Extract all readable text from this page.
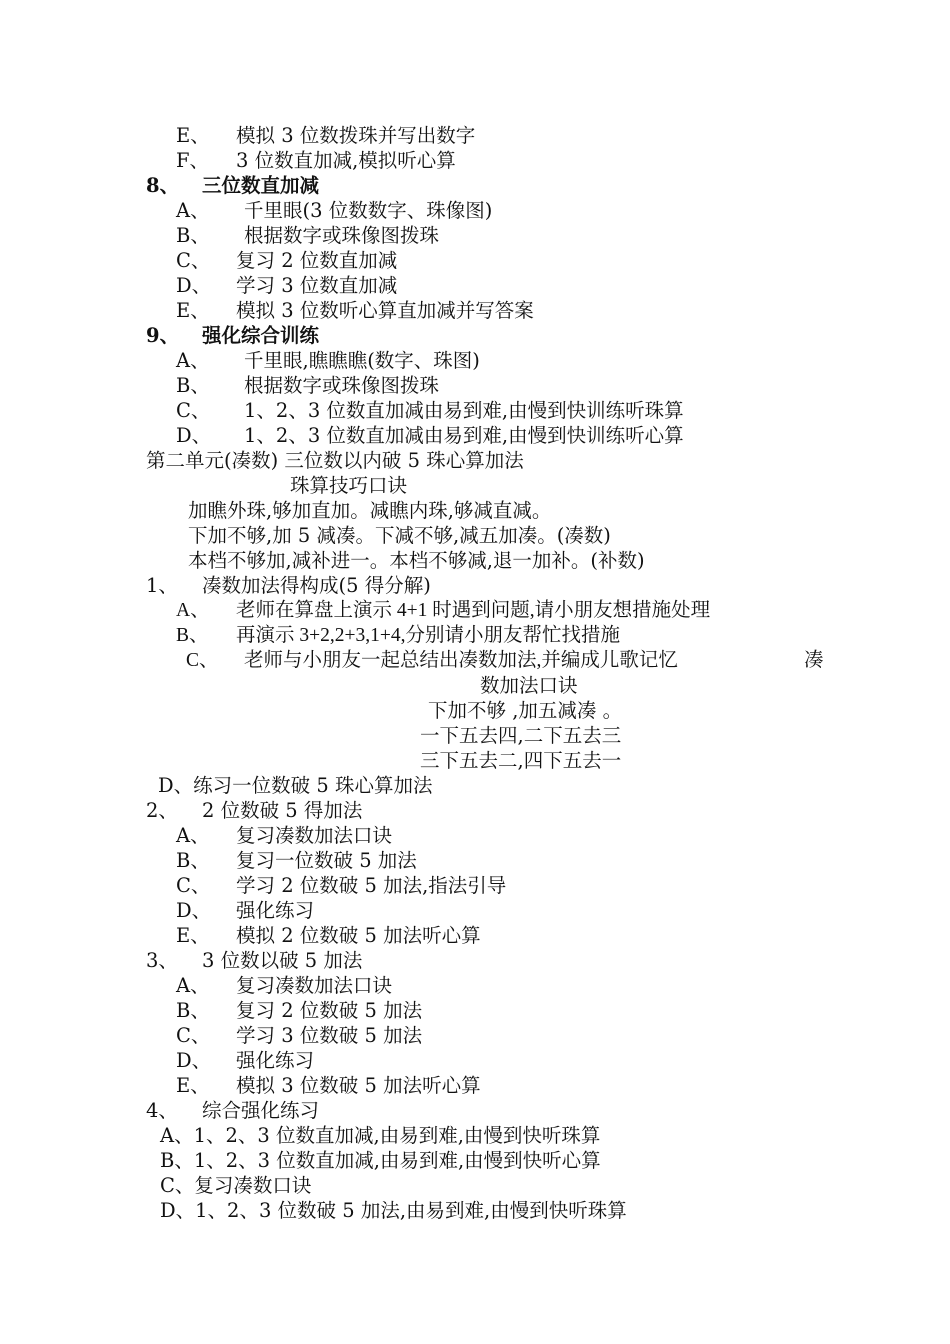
E、 模拟 3 位数拨珠并写出数字
F、 3 位数直加减,模拟听心算
8、 三位数直加减
A、 千里眼(3 位数数字、珠像图)
B、 根据数字或珠像图拨珠
C、 复习 2 位数直加减
D、 学习 3 位数直加减
E、 模拟 3 位数听心算直加减并写答案
9、 强化综合训练
A、 千里眼,瞧瞧瞧(数字、珠图)
B、 根据数字或珠像图拨珠
C、 1、2、3 位数直加减由易到难,由慢到快训练听珠算
D、 1、2、3 位数直加减由易到难,由慢到快训练听心算
第二单元(凑数) 三位数以内破 5 珠心算加法
珠算技巧口诀
加瞧外珠,够加直加。减瞧内珠,够减直减。
下加不够,加 5 减凑。下减不够,减五加凑。(凑数)
本档不够加,减补进一。本档不够减,退一加补。(补数)
1、 凑数加法得构成(5 得分解)
A、 老师在算盘上演示 4+1 时遇到问题,请小朋友想措施处理
B、 再演示 3+2,2+3,1+4,分别请小朋友帮忙找措施
C、 老师与小朋友一起总结出凑数加法,并编成儿歌记忆	凑
数加法口诀
下加不够 ,加五减凑 。
一下五去四,二下五去三
三下五去二,四下五去一
D、练习一位数破 5 珠心算加法
2、 2 位数破 5 得加法
A、 复习凑数加法口诀
B、 复习一位数破 5 加法
C、 学习 2 位数破 5 加法,指法引导
D、 强化练习
E、 模拟 2 位数破 5 加法听心算
3、 3 位数以破 5 加法
A、 复习凑数加法口诀
B、 复习 2 位数破 5 加法
C、 学习 3 位数破 5 加法
D、 强化练习
E、 模拟 3 位数破 5 加法听心算
4、 综合强化练习
A、1、2、3 位数直加减,由易到难,由慢到快听珠算
B、1、2、3 位数直加减,由易到难,由慢到快听心算
C、复习凑数口诀
D、1、2、3 位数破 5 加法,由易到难,由慢到快听珠算
